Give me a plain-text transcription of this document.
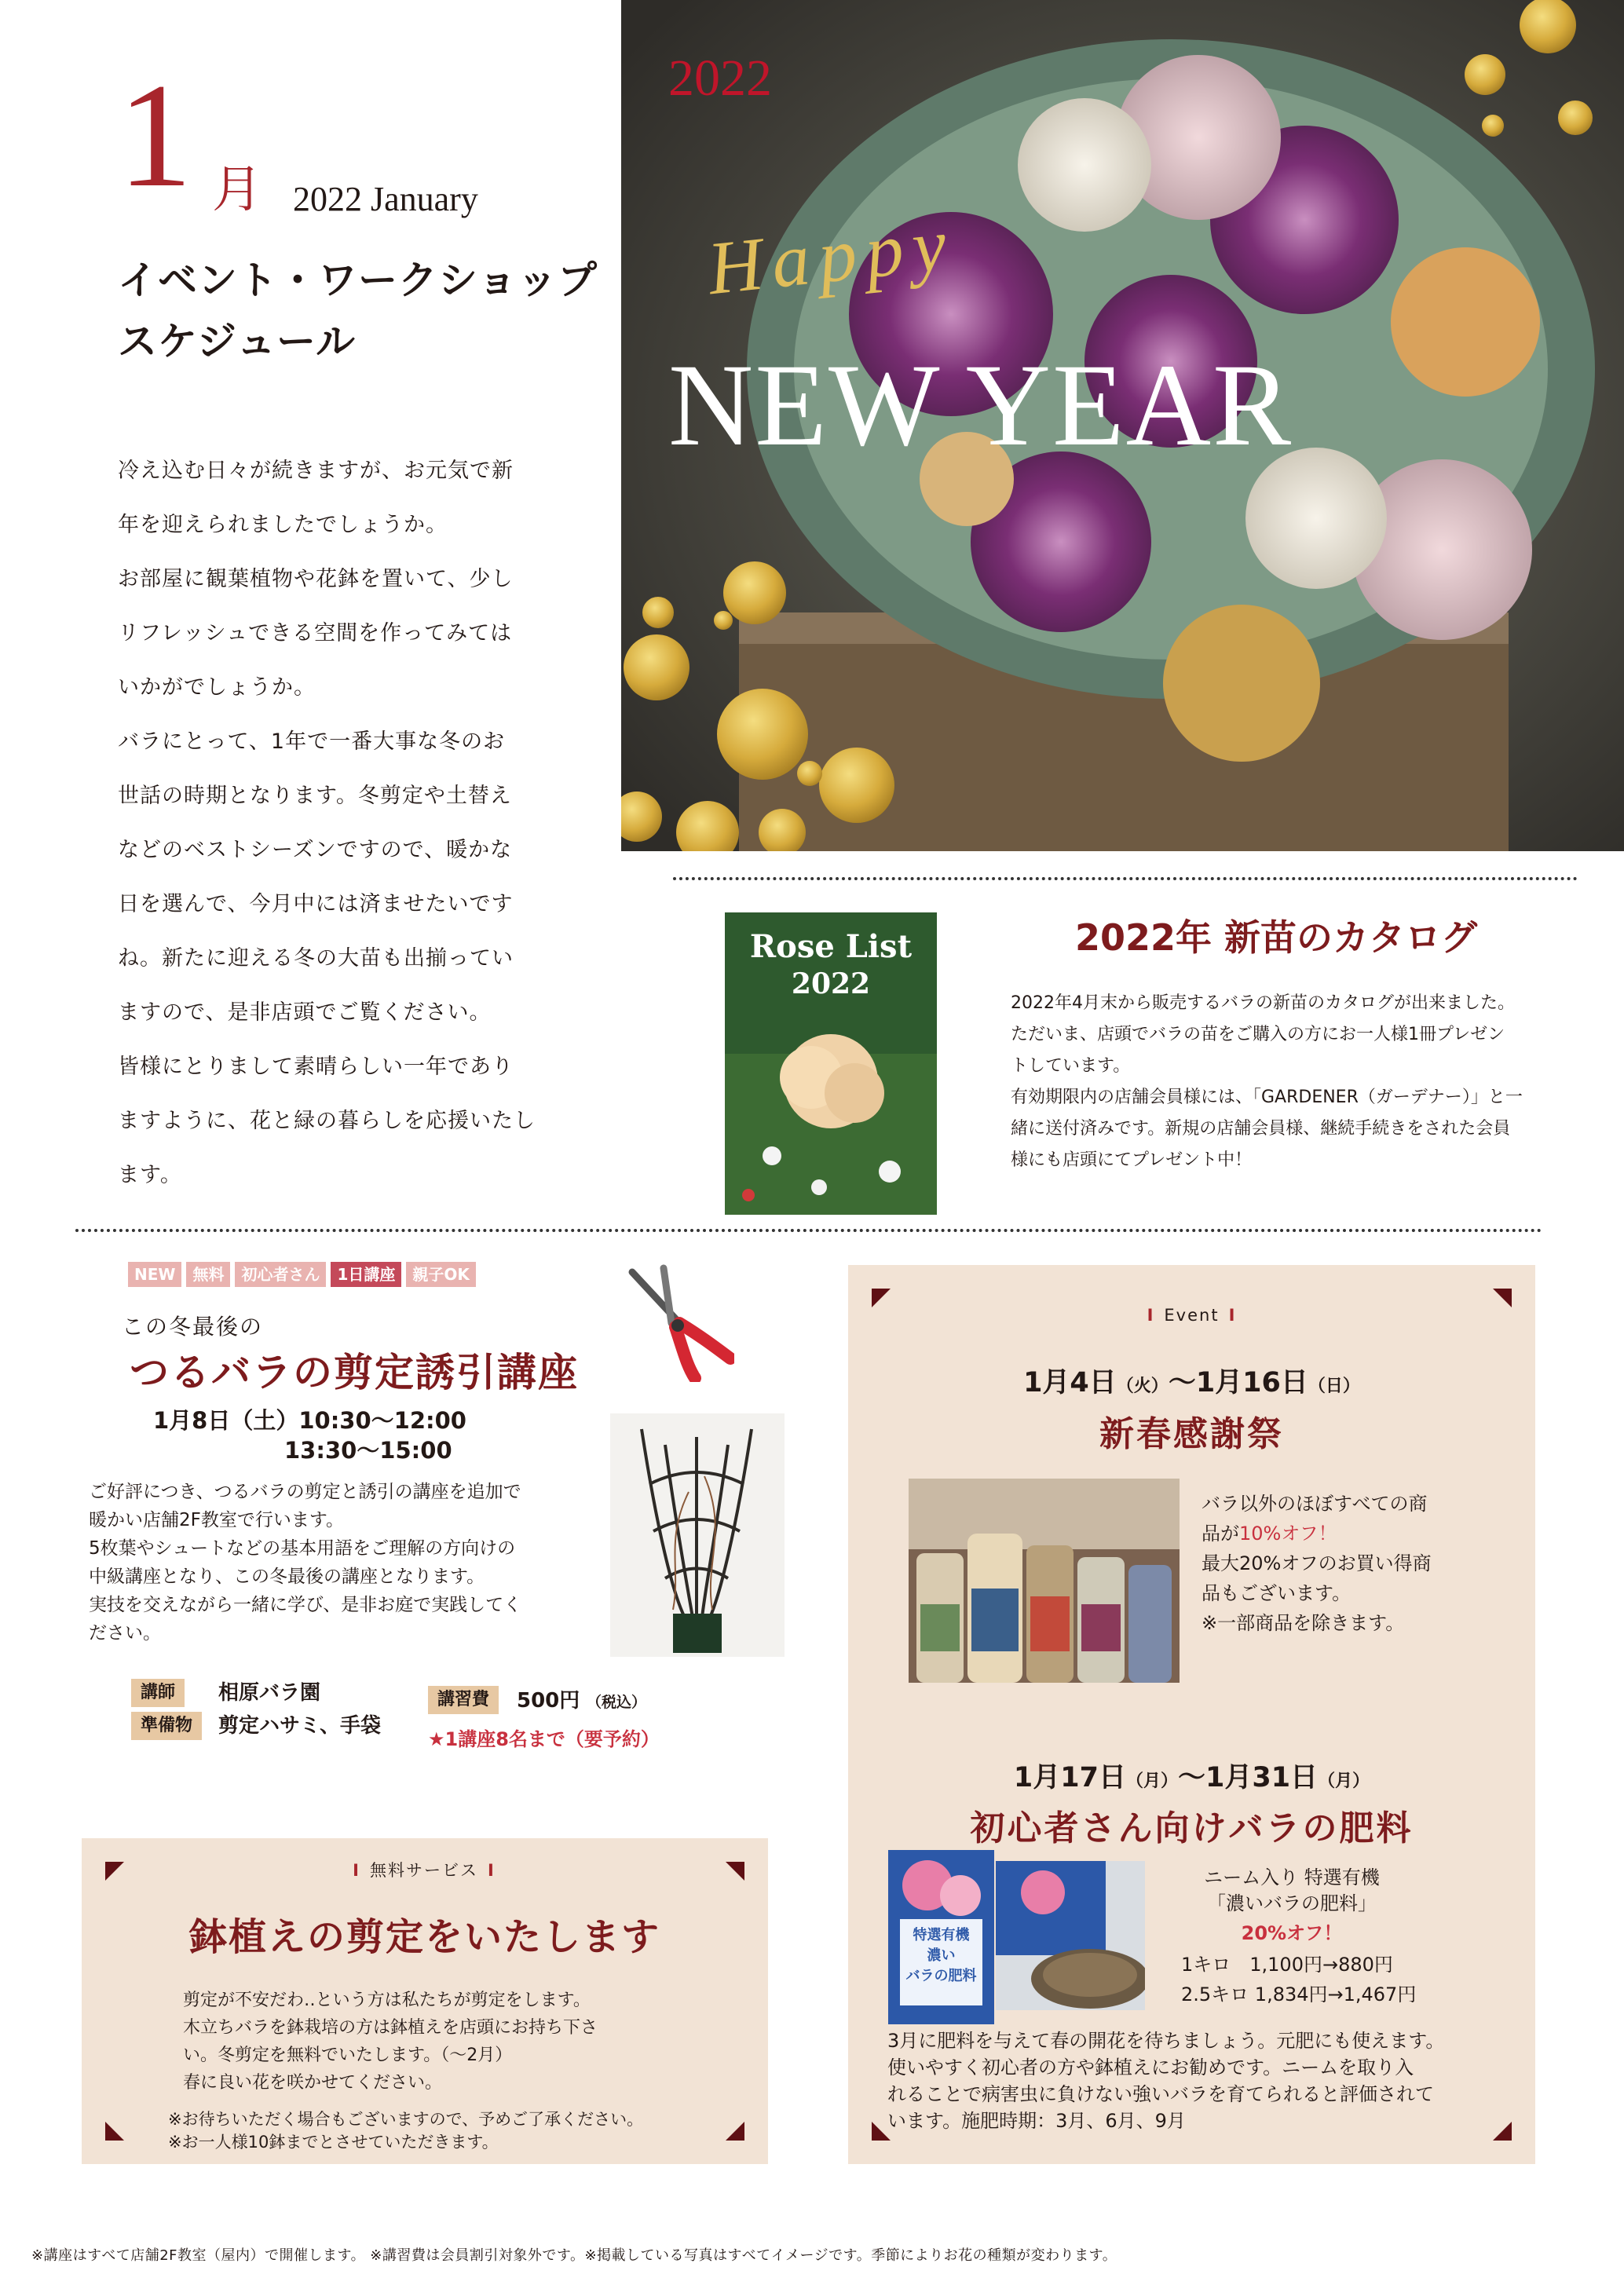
1 月 2022 January
イベント・ワークショップ
スケジュール
冷え込む日々が続きますが、お元気で新
年を迎えられましたでしょうか。
お部屋に観葉植物や花鉢を置いて、少し
リフレッシュできる空間を作ってみては
いかがでしょうか。
バラにとって、1年で一番大事な冬のお
世話の時期となります。冬剪定や土替え
などのベストシーズンですので、暖かな
日を選んで、今月中には済ませたいです
ね。新たに迎える冬の大苗も出揃ってい
ますので、是非店頭でご覧ください。
皆様にとりまして素晴らしい一年であり
ますように、花と緑の暮らしを応援いたし
ます。
2022
Happy
NEW YEAR
Rose List
2022
2022年 新苗のカタログ
2022年4月末から販売するバラの新苗のカタログが出来ました。
ただいま、店頭でバラの苗をご購入の方にお一人様1冊プレゼン
トしています。
有効期限内の店舗会員様には、「GARDENER（ガーデナー）」と一
緒に送付済みです。新規の店舗会員様、継続手続きをされた会員
様にも店頭にてプレゼント中！
NEW	無料	初心者さん	1日講座	親子OK
この冬最後の
つるバラの剪定誘引講座
1月8日（土）10:30〜12:00
13:30〜15:00
ご好評につき、つるバラの剪定と誘引の講座を追加で
暖かい店舗2F教室で行います。
5枚葉やシュートなどの基本用語をご理解の方向けの
中級講座となり、この冬最後の講座となります。
実技を交えながら一緒に学び、是非お庭で実践してく
ださい。
講師	相原バラ園
準備物	剪定ハサミ、手袋
講習費	500円 （税込）
★1講座8名まで（要予約）
I 無料サービス I
鉢植えの剪定をいたします
剪定が不安だわ‥という方は私たちが剪定をします。
木立ちバラを鉢栽培の方は鉢植えを店頭にお持ち下さ
い。冬剪定を無料でいたします。（〜2月）
春に良い花を咲かせてください。
※お待ちいただく場合もございますので、予めご了承ください。
※お一人様10鉢までとさせていただきます。
I Event I
1月4日（火）〜1月16日（日）
新春感謝祭
バラ以外のほぼすべての商
品が10%オフ！
最大20%オフのお買い得商
品もございます。
※一部商品を除きます。
1月17日（月）〜1月31日（月）
初心者さん向けバラの肥料
特選有機
濃い
バラの肥料
ニーム入り 特選有機
「濃いバラの肥料」
20%オフ！
1キロ　1,100円→880円
2.5キロ 1,834円→1,467円
3月に肥料を与えて春の開花を待ちましょう。元肥にも使えます。
使いやすく初心者の方や鉢植えにお勧めです。ニームを取り入
れることで病害虫に負けない強いバラを育てられると評価されて
います。施肥時期：3月、6月、9月
※講座はすべて店舗2F教室（屋内）で開催します。 ※講習費は会員割引対象外です。※掲載している写真はすべてイメージです。季節によりお花の種類が変わります。
